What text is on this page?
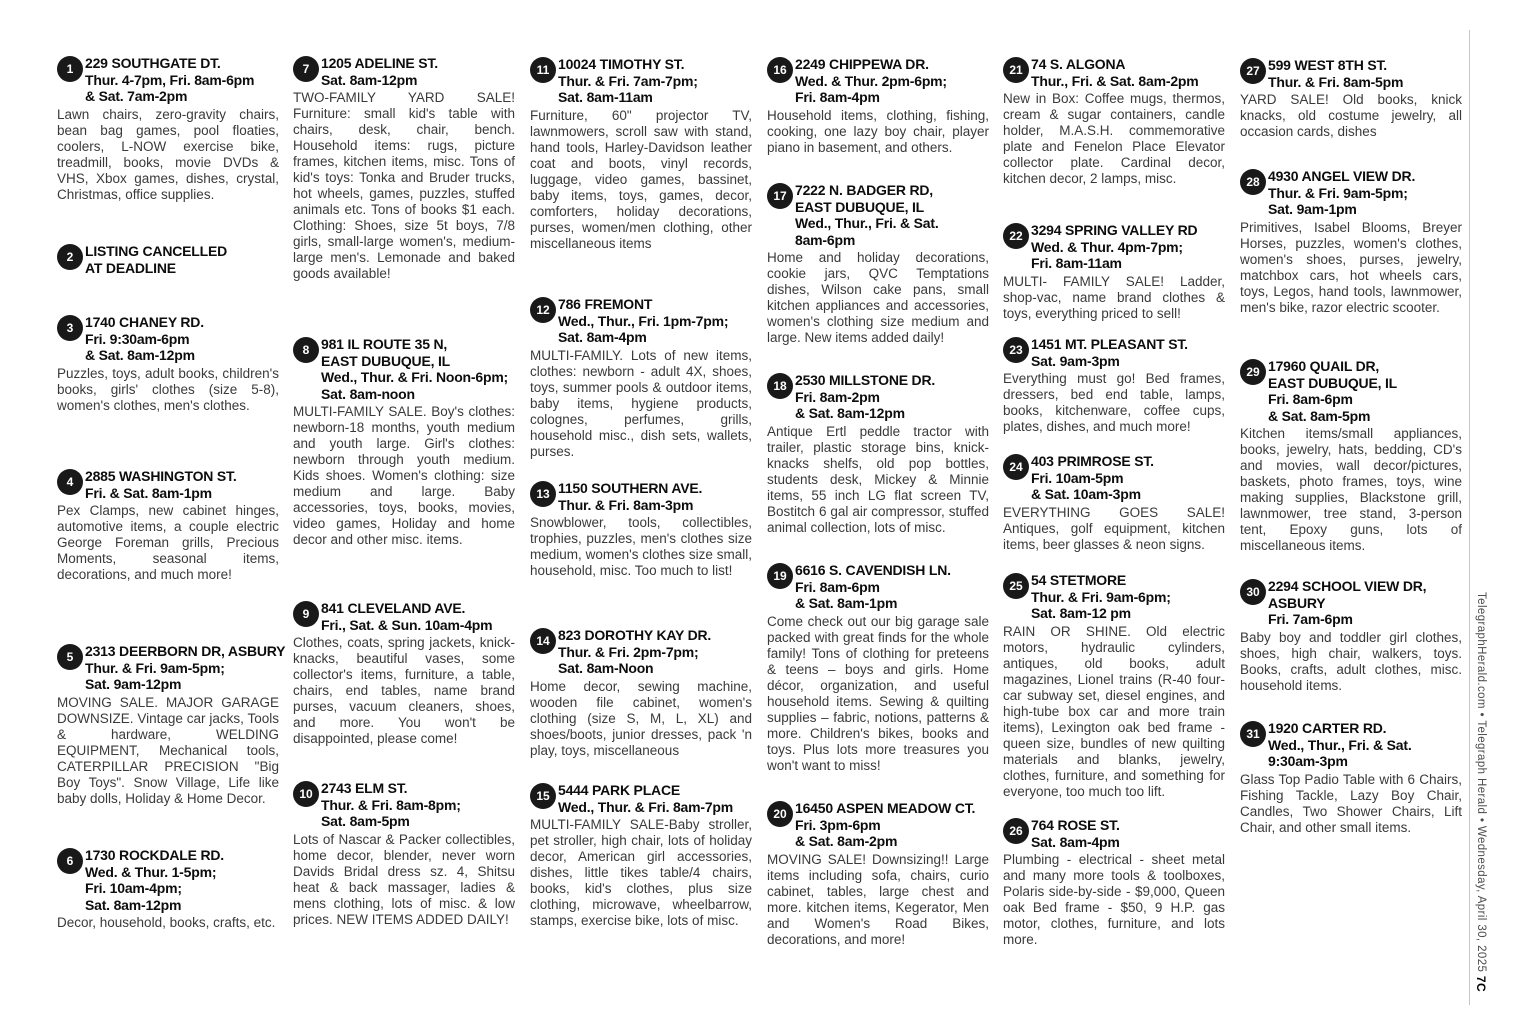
1 229 SOUTHGATE DT.
Thur. 4-7pm, Fri. 8am-6pm
& Sat. 7am-2pm
Lawn chairs, zero-gravity chairs, bean bag games, pool floaties, coolers, L-NOW exercise bike, treadmill, books, movie DVDs & VHS, Xbox games, dishes, crystal, Christmas, office supplies.
2 LISTING CANCELLED
AT DEADLINE
3 1740 CHANEY RD.
Fri. 9:30am-6pm
& Sat. 8am-12pm
Puzzles, toys, adult books, children's books, girls' clothes (size 5-8), women's clothes, men's clothes.
4 2885 WASHINGTON ST.
Fri. & Sat. 8am-1pm
Pex Clamps, new cabinet hinges, automotive items, a couple electric George Foreman grills, Precious Moments, seasonal items, decorations, and much more!
5 2313 DEERBORN DR, ASBURY
Thur. & Fri. 9am-5pm;
Sat. 9am-12pm
MOVING SALE. MAJOR GARAGE DOWNSIZE. Vintage car jacks, Tools & hardware, WELDING EQUIPMENT, Mechanical tools, CATERPILLAR PRECISION "Big Boy Toys". Snow Village, Life like baby dolls, Holiday & Home Decor.
6 1730 ROCKDALE RD.
Wed. & Thur. 1-5pm;
Fri. 10am-4pm;
Sat. 8am-12pm
Decor, household, books, crafts, etc.
7 1205 ADELINE ST.
Sat. 8am-12pm
TWO-FAMILY YARD SALE! Furniture: small kid's table with chairs, desk, chair, bench. Household items: rugs, picture frames, kitchen items, misc. Tons of kid's toys: Tonka and Bruder trucks, hot wheels, games, puzzles, stuffed animals etc. Tons of books $1 each. Clothing: Shoes, size 5t boys, 7/8 girls, small-large women's, medium-large men's. Lemonade and baked goods available!
8 981 IL ROUTE 35 N,
EAST DUBUQUE, IL
Wed., Thur. & Fri. Noon-6pm;
Sat. 8am-noon
MULTI-FAMILY SALE. Boy's clothes: newborn-18 months, youth medium and youth large. Girl's clothes: newborn through youth medium. Kids shoes. Women's clothing: size medium and large. Baby accessories, toys, books, movies, video games, Holiday and home decor and other misc. items.
9 841 CLEVELAND AVE.
Fri., Sat. & Sun. 10am-4pm
Clothes, coats, spring jackets, knick-knacks, beautiful vases, some collector's items, furniture, a table, chairs, end tables, name brand purses, vacuum cleaners, shoes, and more. You won't be disappointed, please come!
10 2743 ELM ST.
Thur. & Fri. 8am-8pm;
Sat. 8am-5pm
Lots of Nascar & Packer collectibles, home decor, blender, never worn Davids Bridal dress sz. 4, Shitsu heat & back massager, ladies & mens clothing, lots of misc. & low prices. NEW ITEMS ADDED DAILY!
11 10024 TIMOTHY ST.
Thur. & Fri. 7am-7pm;
Sat. 8am-11am
Furniture, 60" projector TV, lawnmowers, scroll saw with stand, hand tools, Harley-Davidson leather coat and boots, vinyl records, luggage, video games, bassinet, baby items, toys, games, decor, comforters, holiday decorations, purses, women/men clothing, other miscellaneous items
12 786 FREMONT
Wed., Thur., Fri. 1pm-7pm;
Sat. 8am-4pm
MULTI-FAMILY. Lots of new items, clothes: newborn - adult 4X, shoes, toys, summer pools & outdoor items, baby items, hygiene products, colognes, perfumes, grills, household misc., dish sets, wallets, purses.
13 1150 SOUTHERN AVE.
Thur. & Fri. 8am-3pm
Snowblower, tools, collectibles, trophies, puzzles, men's clothes size medium, women's clothes size small, household, misc. Too much to list!
14 823 DOROTHY KAY DR.
Thur. & Fri. 2pm-7pm;
Sat. 8am-Noon
Home decor, sewing machine, wooden file cabinet, women's clothing (size S, M, L, XL) and shoes/boots, junior dresses, pack 'n play, toys, miscellaneous
15 5444 PARK PLACE
Wed., Thur. & Fri. 8am-7pm
MULTI-FAMILY SALE-Baby stroller, pet stroller, high chair, lots of holiday decor, American girl accessories, dishes, little tikes table/4 chairs, books, kid's clothes, plus size clothing, microwave, wheelbarrow, stamps, exercise bike, lots of misc.
16 2249 CHIPPEWA DR.
Wed. & Thur. 2pm-6pm;
Fri. 8am-4pm
Household items, clothing, fishing, cooking, one lazy boy chair, player piano in basement, and others.
17 7222 N. BADGER RD,
EAST DUBUQUE, IL
Wed., Thur., Fri. & Sat.
8am-6pm
Home and holiday decorations, cookie jars, QVC Temptations dishes, Wilson cake pans, small kitchen appliances and accessories, women's clothing size medium and large. New items added daily!
18 2530 MILLSTONE DR.
Fri. 8am-2pm
& Sat. 8am-12pm
Antique Ertl peddle tractor with trailer, plastic storage bins, knick-knacks shelfs, old pop bottles, students desk, Mickey & Minnie items, 55 inch LG flat screen TV, Bostitch 6 gal air compressor, stuffed animal collection, lots of misc.
19 6616 S. CAVENDISH LN.
Fri. 8am-6pm
& Sat. 8am-1pm
Come check out our big garage sale packed with great finds for the whole family! Tons of clothing for preteens & teens – boys and girls. Home décor, organization, and useful household items. Sewing & quilting supplies – fabric, notions, patterns & more. Children's bikes, books and toys. Plus lots more treasures you won't want to miss!
20 16450 ASPEN MEADOW CT.
Fri. 3pm-6pm
& Sat. 8am-2pm
MOVING SALE! Downsizing!! Large items including sofa, chairs, curio cabinet, tables, large chest and more. kitchen items, Kegerator, Men and Women's Road Bikes, decorations, and more!
21 74 S. ALGONA
Thur., Fri. & Sat. 8am-2pm
New in Box: Coffee mugs, thermos, cream & sugar containers, candle holder, M.A.S.H. commemorative plate and Fenelon Place Elevator collector plate. Cardinal decor, kitchen decor, 2 lamps, misc.
22 3294 SPRING VALLEY RD
Wed. & Thur. 4pm-7pm;
Fri. 8am-11am
MULTI- FAMILY SALE! Ladder, shop-vac, name brand clothes & toys, everything priced to sell!
23 1451 MT. PLEASANT ST.
Sat. 9am-3pm
Everything must go! Bed frames, dressers, bed end table, lamps, books, kitchenware, coffee cups, plates, dishes, and much more!
24 403 PRIMROSE ST.
Fri. 10am-5pm
& Sat. 10am-3pm
EVERYTHING GOES SALE! Antiques, golf equipment, kitchen items, beer glasses & neon signs.
25 54 STETMORE
Thur. & Fri. 9am-6pm;
Sat. 8am-12 pm
RAIN OR SHINE. Old electric motors, hydraulic cylinders, antiques, old books, adult magazines, Lionel trains (R-40 four-car subway set, diesel engines, and high-tube box car and more train items), Lexington oak bed frame - queen size, bundles of new quilting materials and blanks, jewelry, clothes, furniture, and something for everyone, too much too lift.
26 764 ROSE ST.
Sat. 8am-4pm
Plumbing - electrical - sheet metal and many more tools & toolboxes, Polaris side-by-side - $9,000, Queen oak Bed frame - $50, 9 H.P. gas motor, clothes, furniture, and lots more.
27 599 WEST 8TH ST.
Thur. & Fri. 8am-5pm
YARD SALE! Old books, knick knacks, old costume jewelry, all occasion cards, dishes
28 4930 ANGEL VIEW DR.
Thur. & Fri. 9am-5pm;
Sat. 9am-1pm
Primitives, Isabel Blooms, Breyer Horses, puzzles, women's clothes, women's shoes, purses, jewelry, matchbox cars, hot wheels cars, toys, Legos, hand tools, lawnmower, men's bike, razor electric scooter.
29 17960 QUAIL DR,
EAST DUBUQUE, IL
Fri. 8am-6pm
& Sat. 8am-5pm
Kitchen items/small appliances, books, jewelry, hats, bedding, CD's and movies, wall decor/pictures, baskets, photo frames, toys, wine making supplies, Blackstone grill, lawnmower, tree stand, 3-person tent, Epoxy guns, lots of miscellaneous items.
30 2294 SCHOOL VIEW DR,
ASBURY
Fri. 7am-6pm
Baby boy and toddler girl clothes, shoes, high chair, walkers, toys. Books, crafts, adult clothes, misc. household items.
31 1920 CARTER RD.
Wed., Thur., Fri. & Sat.
9:30am-3pm
Glass Top Padio Table with 6 Chairs, Fishing Tackle, Lazy Boy Chair, Candles, Two Shower Chairs, Lift Chair, and other small items.	TelegraphHerald.com • Telegraph Herald • Wednesday, April 30, 2025 7C
